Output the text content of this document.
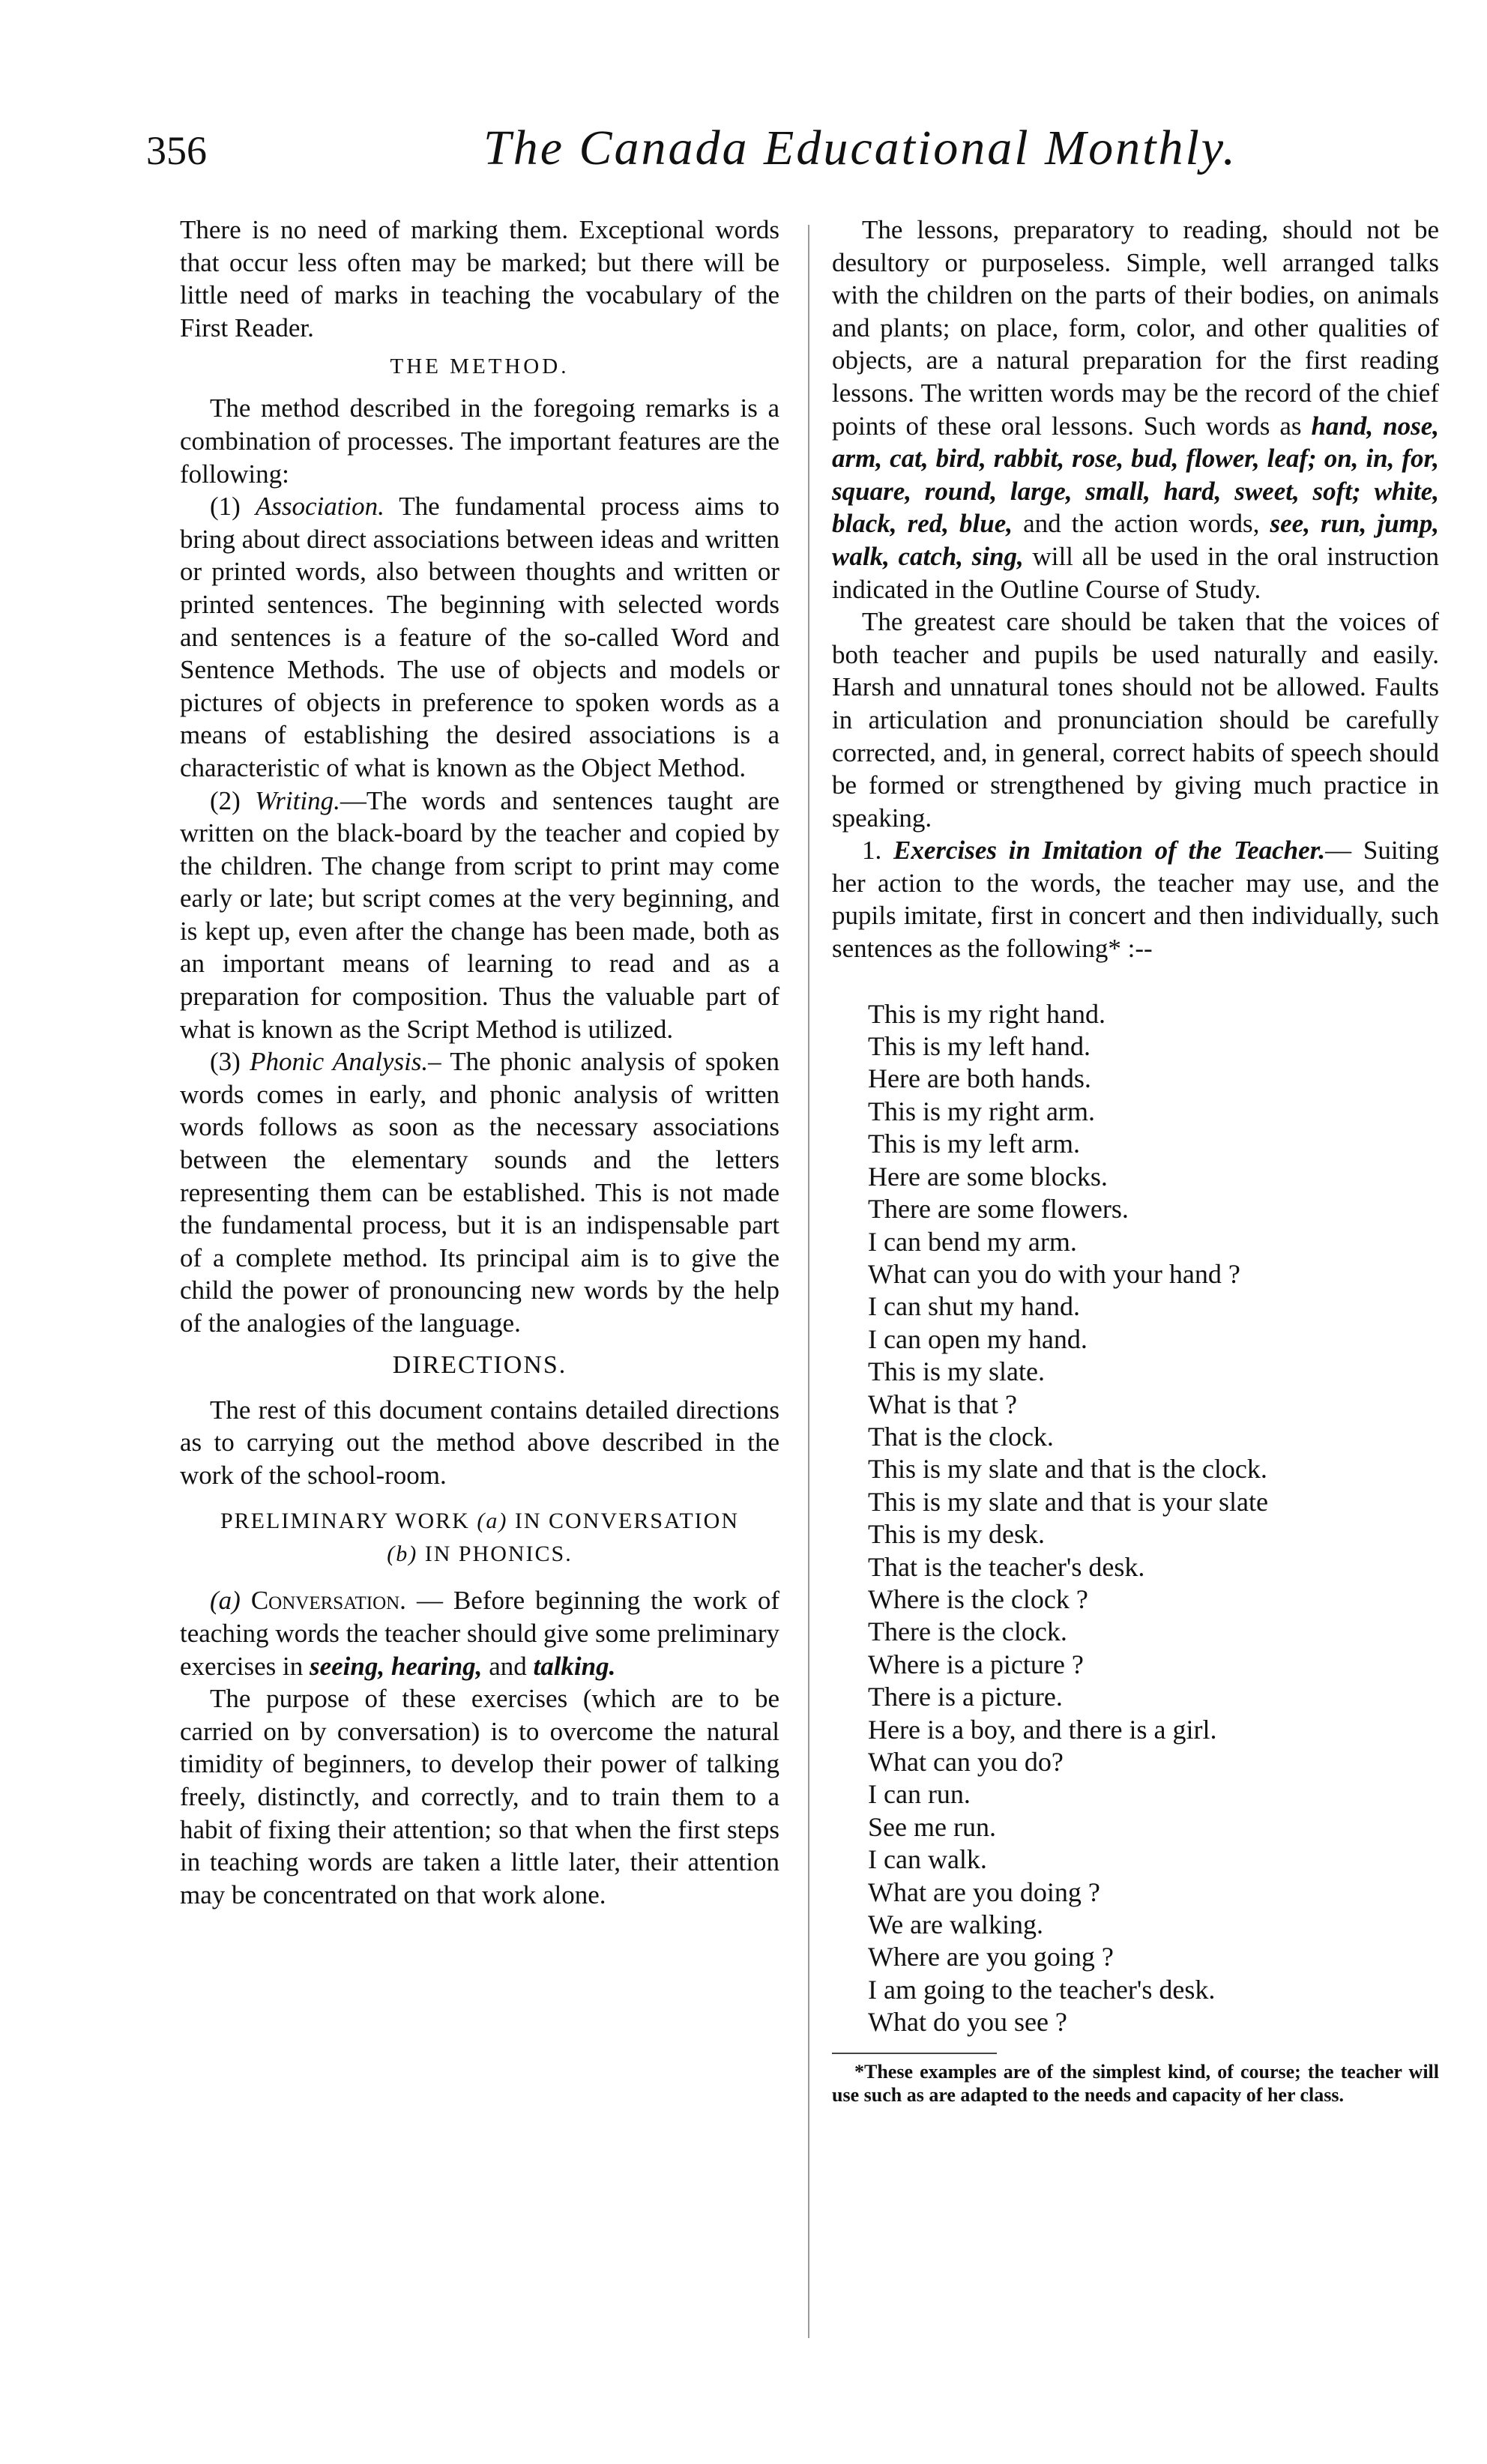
356	The Canada Educational Monthly.

There is no need of marking them. Exceptional words that occur less often may be marked; but there will be little need of marks in teaching the vocabulary of the First Reader.

THE METHOD.

The method described in the foregoing remarks is a combination of processes. The important features are the following:

(1) Association. The fundamental process aims to bring about direct associations between ideas and written or printed words, also between thoughts and written or printed sentences. The beginning with selected words and sentences is a feature of the so-called Word and Sentence Methods. The use of objects and models or pictures of objects in preference to spoken words as a means of establishing the desired associations is a characteristic of what is known as the Object Method.

(2) Writing.—The words and sentences taught are written on the black-board by the teacher and copied by the children. The change from script to print may come early or late; but script comes at the very beginning, and is kept up, even after the change has been made, both as an important means of learning to read and as a preparation for composition. Thus the valuable part of what is known as the Script Method is utilized.

(3) Phonic Analysis.– The phonic analysis of spoken words comes in early, and phonic analysis of written words follows as soon as the necessary associations between the elementary sounds and the letters representing them can be established. This is not made the fundamental process, but it is an indispensable part of a complete method. Its principal aim is to give the child the power of pronouncing new words by the help of the analogies of the language.

DIRECTIONS.

The rest of this document contains detailed directions as to carrying out the method above described in the work of the school-room.

PRELIMINARY WORK (a) IN CONVERSATION
(b) IN PHONICS.

(a) Conversation. — Before beginning the work of teaching words the teacher should give some preliminary exercises in seeing, hearing, and talking.

The purpose of these exercises (which are to be carried on by conversation) is to overcome the natural timidity of beginners, to develop their power of talking freely, distinctly, and correctly, and to train them to a habit of fixing their attention; so that when the first steps in teaching words are taken a little later, their attention may be concentrated on that work alone.

The lessons, preparatory to reading, should not be desultory or purposeless. Simple, well arranged talks with the children on the parts of their bodies, on animals and plants; on place, form, color, and other qualities of objects, are a natural preparation for the first reading lessons. The written words may be the record of the chief points of these oral lessons. Such words as hand, nose, arm, cat, bird, rabbit, rose, bud, flower, leaf; on, in, for, square, round, large, small, hard, sweet, soft; white, black, red, blue, and the action words, see, run, jump, walk, catch, sing, will all be used in the oral instruction indicated in the Outline Course of Study.

The greatest care should be taken that the voices of both teacher and pupils be used naturally and easily. Harsh and unnatural tones should not be allowed. Faults in articulation and pronunciation should be carefully corrected, and, in general, correct habits of speech should be formed or strengthened by giving much practice in speaking.

1. Exercises in Imitation of the Teacher.— Suiting her action to the words, the teacher may use, and the pupils imitate, first in concert and then individually, such sentences as the following* :--

This is my right hand.
This is my left hand.
Here are both hands.
This is my right arm.
This is my left arm.
Here are some blocks.
There are some flowers.
I can bend my arm.
What can you do with your hand ?
I can shut my hand.
I can open my hand.
This is my slate.
What is that ?
That is the clock.
This is my slate and that is the clock.
This is my slate and that is your slate
This is my desk.
That is the teacher's desk.
Where is the clock ?
There is the clock.
Where is a picture ?
There is a picture.
Here is a boy, and there is a girl.
What can you do?
I can run.
See me run.
I can walk.
What are you doing ?
We are walking.
Where are you going ?
I am going to the teacher's desk.
What do you see ?

*These examples are of the simplest kind, of course; the teacher will use such as are adapted to the needs and capacity of her class.
